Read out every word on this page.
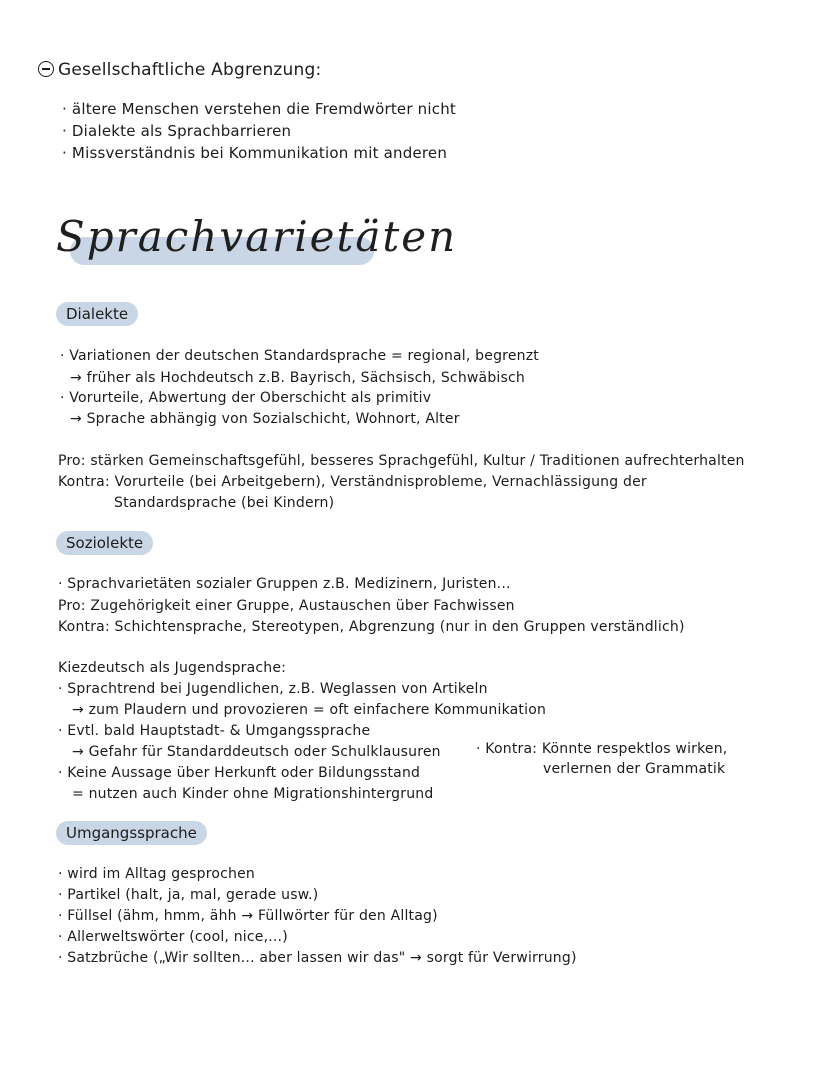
Gesellschaftliche Abgrenzung:
· ältere Menschen verstehen die Fremdwörter nicht
· Dialekte als Sprachbarrieren
· Missverständnis bei Kommunikation mit anderen
Sprachvarietäten
Dialekte
· Variationen der deutschen Standardsprache = regional, begrenzt
→ früher als Hochdeutsch z.B. Bayrisch, Sächsisch, Schwäbisch
· Vorurteile, Abwertung der Oberschicht als primitiv
→ Sprache abhängig von Sozialschicht, Wohnort, Alter
Pro: stärken Gemeinschaftsgefühl, besseres Sprachgefühl, Kultur / Traditionen aufrechterhalten
Kontra: Vorurteile (bei Arbeitgebern), Verständnisprobleme, Vernachlässigung der
Standardsprache (bei Kindern)
Soziolekte
· Sprachvarietäten sozialer Gruppen z.B. Medizinern, Juristen...
Pro: Zugehörigkeit einer Gruppe, Austauschen über Fachwissen
Kontra: Schichtensprache, Stereotypen, Abgrenzung (nur in den Gruppen verständlich)
Kiezdeutsch als Jugendsprache:
· Sprachtrend bei Jugendlichen, z.B. Weglassen von Artikeln
→ zum Plaudern und provozieren = oft einfachere Kommunikation
· Evtl. bald Hauptstadt- & Umgangssprache
→ Gefahr für Standarddeutsch oder Schulklausuren
· Keine Aussage über Herkunft oder Bildungsstand
= nutzen auch Kinder ohne Migrationshintergrund
· Kontra: Könnte respektlos wirken,
verlernen der Grammatik
Umgangssprache
· wird im Alltag gesprochen
· Partikel (halt, ja, mal, gerade usw.)
· Füllsel (ähm, hmm, ähh → Füllwörter für den Alltag)
· Allerweltswörter (cool, nice,...)
· Satzbrüche („Wir sollten... aber lassen wir das" → sorgt für Verwirrung)
